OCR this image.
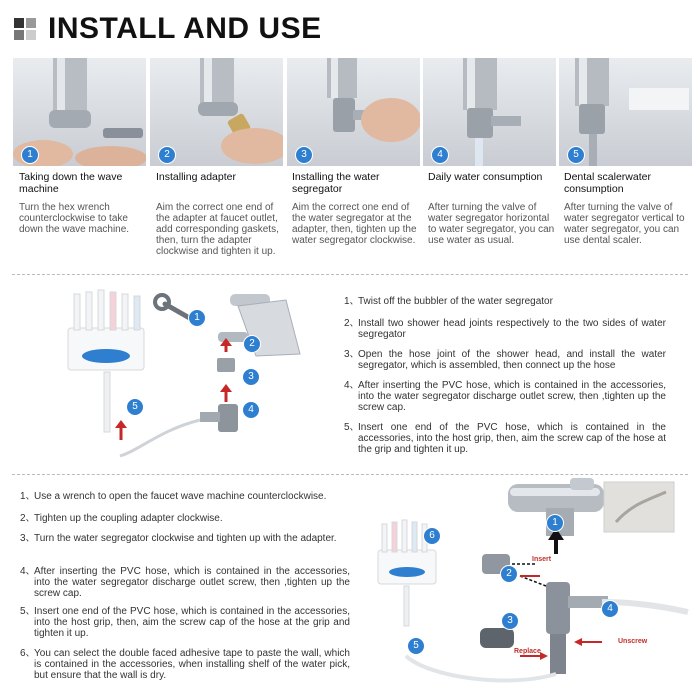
INSTALL AND USE
1	2	3	4	5
Taking down the wave machine
Installing adapter	Installing the water segregator
Daily water consumption	Dental scalerwater consumption
Turn the hex wrench counterclockwise to take down the wave machine.
Aim the correct one end of the adapter at faucet outlet, add corresponding gaskets, then, turn the adapter clockwise and tighten it up.
Aim the correct one end of the water segregator at the adapter, then, tighten up the water segregator clockwise.
After turning the valve of water segregator horizontal to water segregator, you can use water as usual.
After turning the valve of water segregator vertical to water segregator, you can use dental scaler.
1
2
3
4
5
1、
Twist off the bubbler of the water segregator
2、
Install two shower head joints respectively to the two sides of water segregator
3、
Open the hose joint of the shower head, and install the water segregator, which is assembled, then connect up the hose
4、
After inserting the PVC hose, which is contained in the accessories, into the water segregator discharge outlet screw, then ,tighten up the screw cap.
5、
Insert one end of the PVC hose, which is contained in the accessories, into the host grip, then, aim the screw cap of the hose at the grip and tighten it up.
1、
Use a wrench to open the faucet wave machine counterclockwise.
2、
Tighten up the coupling adapter clockwise.
3、
Turn the water segregator clockwise and tighten up with the adapter.
4、
After inserting the PVC hose, which is contained in the accessories, into the water segregator discharge outlet screw, then ,tighten up the screw cap.
5、
Insert one end of the PVC hose, which is contained in the accessories, into the host grip, then, aim the screw cap of the hose at the grip and tighten it up.
6、
You can select the double faced adhesive tape to paste the wall, which is contained in the accessories, when installing shelf of the water pick, but ensure that the wall is dry.
1
2
3
4
5
6
Insert
Unscrew
Replace
